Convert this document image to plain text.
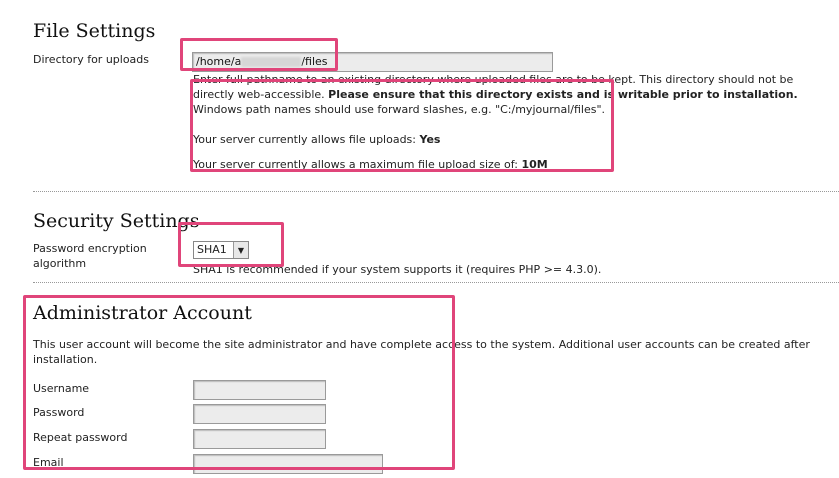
File Settings
Directory for uploads	/home/a	/files
Enter full pathname to an existing directory where uploaded files are to be kept. This directory should not be
directly web-accessible. Please ensure that this directory exists and is writable prior to installation.
Windows path names should use forward slashes, e.g. "C:/myjournal/files".
Your server currently allows file uploads: Yes
Your server currently allows a maximum file upload size of: 10M
Security Settings
Password encryption
algorithm
SHA1	▼
SHA1 is recommended if your system supports it (requires PHP >= 4.3.0).
Administrator Account
This user account will become the site administrator and have complete access to the system. Additional user accounts can be created after
installation.
Username
Password
Repeat password
Email
